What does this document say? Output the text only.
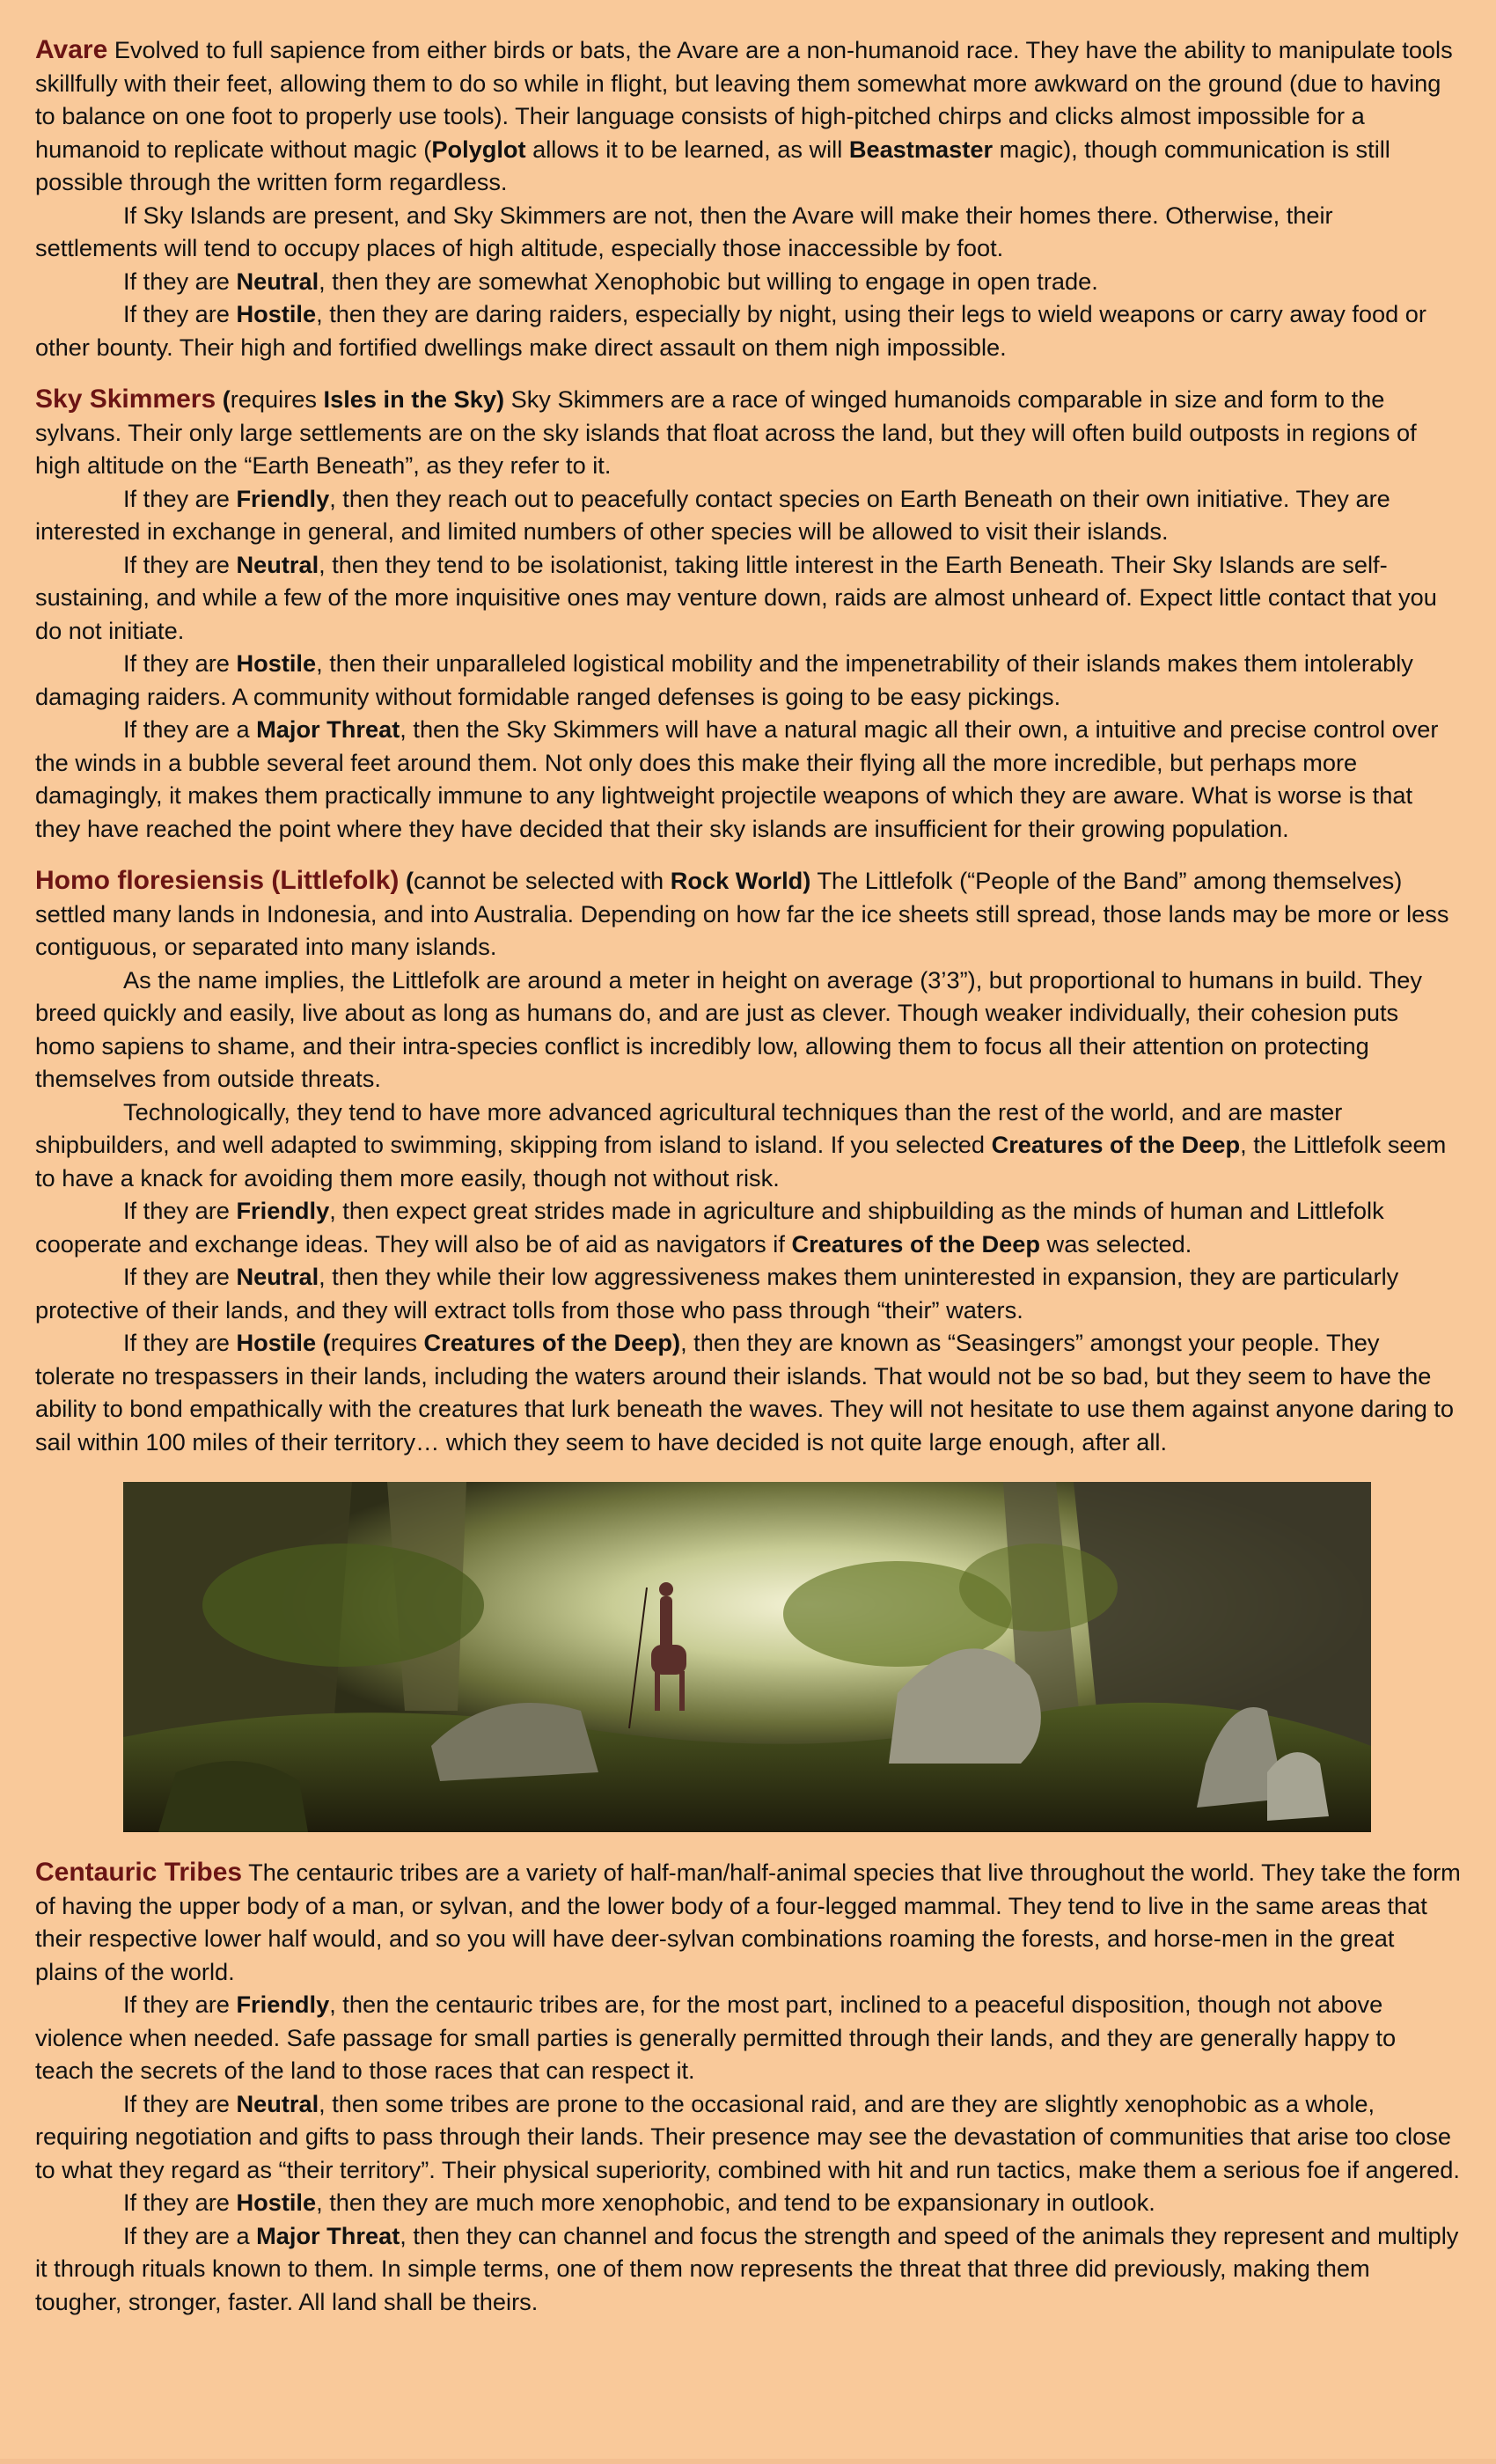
Avare Evolved to full sapience from either birds or bats, the Avare are a non-humanoid race. They have the ability to manipulate tools skillfully with their feet, allowing them to do so while in flight, but leaving them somewhat more awkward on the ground (due to having to balance on one foot to properly use tools). Their language consists of high-pitched chirps and clicks almost impossible for a humanoid to replicate without magic (Polyglot allows it to be learned, as will Beastmaster magic), though communication is still possible through the written form regardless.

If Sky Islands are present, and Sky Skimmers are not, then the Avare will make their homes there. Otherwise, their settlements will tend to occupy places of high altitude, especially those inaccessible by foot.

If they are Neutral, then they are somewhat Xenophobic but willing to engage in open trade.

If they are Hostile, then they are daring raiders, especially by night, using their legs to wield weapons or carry away food or other bounty. Their high and fortified dwellings make direct assault on them nigh impossible.

Sky Skimmers (requires Isles in the Sky) Sky Skimmers are a race of winged humanoids comparable in size and form to the sylvans. Their only large settlements are on the sky islands that float across the land, but they will often build outposts in regions of high altitude on the “Earth Beneath”, as they refer to it.

If they are Friendly, then they reach out to peacefully contact species on Earth Beneath on their own initiative. They are interested in exchange in general, and limited numbers of other species will be allowed to visit their islands.

If they are Neutral, then they tend to be isolationist, taking little interest in the Earth Beneath. Their Sky Islands are self-sustaining, and while a few of the more inquisitive ones may venture down, raids are almost unheard of. Expect little contact that you do not initiate.

If they are Hostile, then their unparalleled logistical mobility and the impenetrability of their islands makes them intolerably damaging raiders. A community without formidable ranged defenses is going to be easy pickings.

If they are a Major Threat, then the Sky Skimmers will have a natural magic all their own, a intuitive and precise control over the winds in a bubble several feet around them. Not only does this make their flying all the more incredible, but perhaps more damagingly, it makes them practically immune to any lightweight projectile weapons of which they are aware. What is worse is that they have reached the point where they have decided that their sky islands are insufficient for their growing population.

Homo floresiensis (Littlefolk) (cannot be selected with Rock World) The Littlefolk (“People of the Band” among themselves) settled many lands in Indonesia, and into Australia. Depending on how far the ice sheets still spread, those lands may be more or less contiguous, or separated into many islands.

As the name implies, the Littlefolk are around a meter in height on average (3’3”), but proportional to humans in build. They breed quickly and easily, live about as long as humans do, and are just as clever. Though weaker individually, their cohesion puts homo sapiens to shame, and their intra-species conflict is incredibly low, allowing them to focus all their attention on protecting themselves from outside threats.

Technologically, they tend to have more advanced agricultural techniques than the rest of the world, and are master shipbuilders, and well adapted to swimming, skipping from island to island. If you selected Creatures of the Deep, the Littlefolk seem to have a knack for avoiding them more easily, though not without risk.

If they are Friendly, then expect great strides made in agriculture and shipbuilding as the minds of human and Littlefolk cooperate and exchange ideas. They will also be of aid as navigators if Creatures of the Deep was selected.

If they are Neutral, then they while their low aggressiveness makes them uninterested in expansion, they are particularly protective of their lands, and they will extract tolls from those who pass through “their” waters.

If they are Hostile (requires Creatures of the Deep), then they are known as “Seasingers” amongst your people. They tolerate no trespassers in their lands, including the waters around their islands. That would not be so bad, but they seem to have the ability to bond empathically with the creatures that lurk beneath the waves. They will not hesitate to use them against anyone daring to sail within 100 miles of their territory… which they seem to have decided is not quite large enough, after all.

Centauric Tribes The centauric tribes are a variety of half-man/half-animal species that live throughout the world. They take the form of having the upper body of a man, or sylvan, and the lower body of a four-legged mammal. They tend to live in the same areas that their respective lower half would, and so you will have deer-sylvan combinations roaming the forests, and horse-men in the great plains of the world.

If they are Friendly, then the centauric tribes are, for the most part, inclined to a peaceful disposition, though not above violence when needed. Safe passage for small parties is generally permitted through their lands, and they are generally happy to teach the secrets of the land to those races that can respect it.

If they are Neutral, then some tribes are prone to the occasional raid, and are they are slightly xenophobic as a whole, requiring negotiation and gifts to pass through their lands. Their presence may see the devastation of communities that arise too close to what they regard as “their territory”. Their physical superiority, combined with hit and run tactics, make them a serious foe if angered.

If they are Hostile, then they are much more xenophobic, and tend to be expansionary in outlook.

If they are a Major Threat, then they can channel and focus the strength and speed of the animals they represent and multiply it through rituals known to them. In simple terms, one of them now represents the threat that three did previously, making them tougher, stronger, faster. All land shall be theirs.
